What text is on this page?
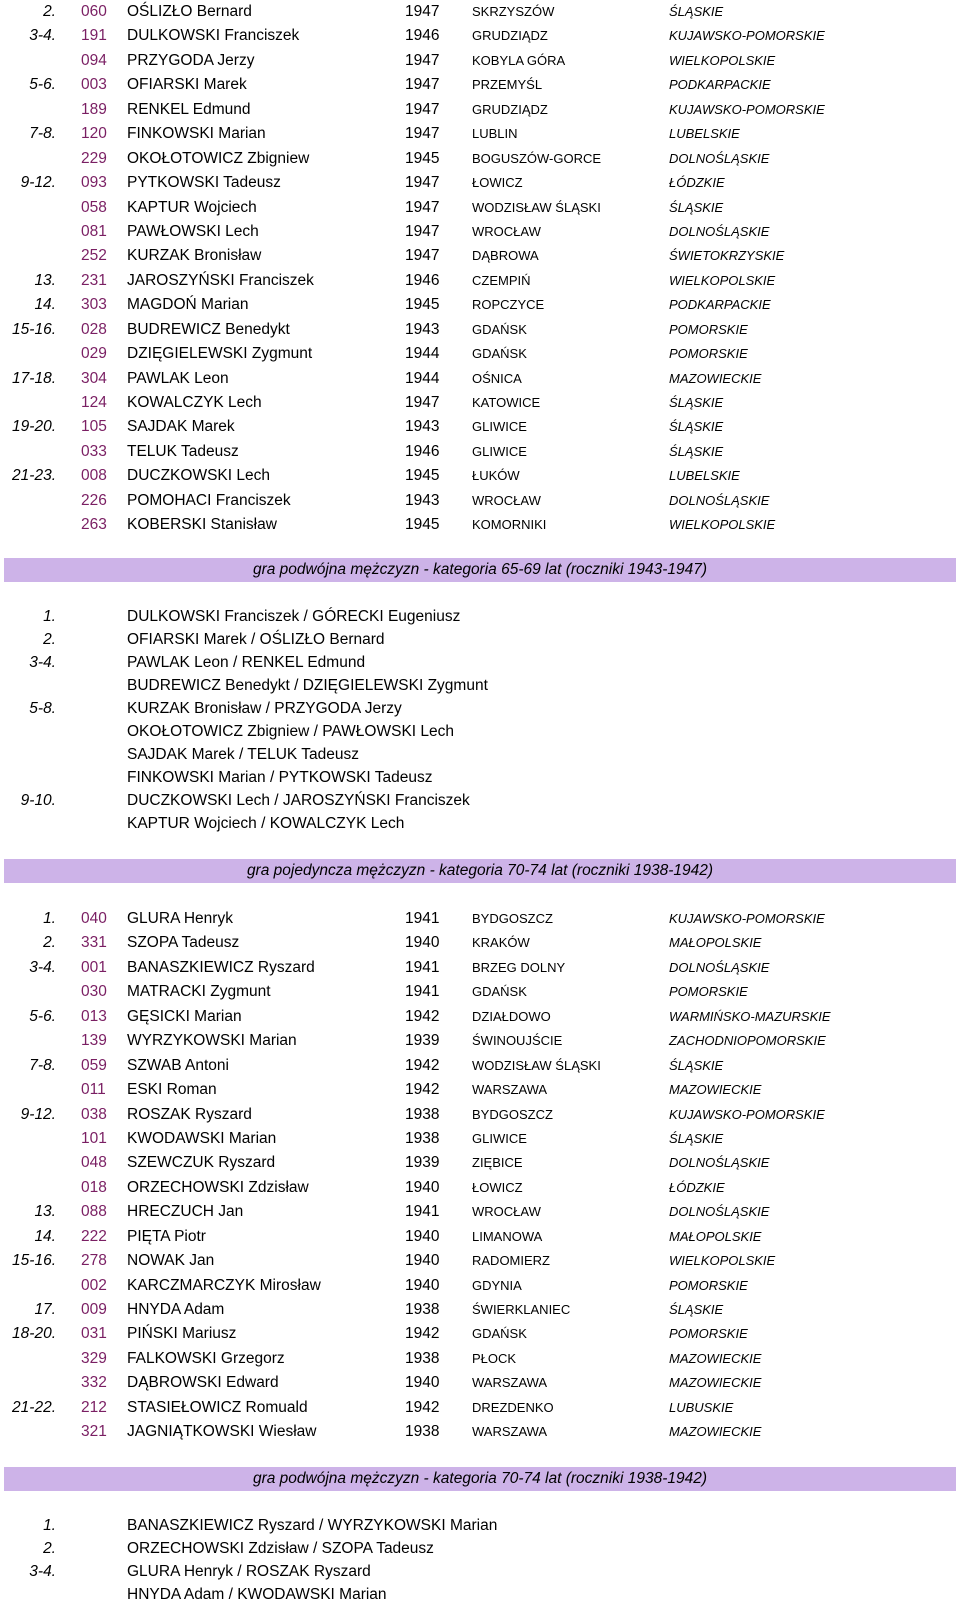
2. 060 OŚLIZŁO Bernard	1947	SKRZYSZÓW	ŚLĄSKIE
3-4. 191 DULKOWSKI Franciszek	1946	GRUDZIĄDZ	KUJAWSKO-POMORSKIE
094 PRZYGODA Jerzy	1947	KOBYLA GÓRA	WIELKOPOLSKIE
5-6. 003 OFIARSKI Marek	1947	PRZEMYŚL	PODKARPACKIE
189 RENKEL Edmund	1947	GRUDZIĄDZ	KUJAWSKO-POMORSKIE
7-8. 120 FINKOWSKI Marian	1947	LUBLIN	LUBELSKIE
229 OKOŁOTOWICZ Zbigniew	1945	BOGUSZÓW-GORCE	DOLNOŚLĄSKIE
9-12. 093 PYTKOWSKI Tadeusz	1947	ŁOWICZ	ŁÓDZKIE
058 KAPTUR Wojciech	1947	WODZISŁAW ŚLĄSKI	ŚLĄSKIE
081 PAWŁOWSKI Lech	1947	WROCŁAW	DOLNOŚLĄSKIE
252 KURZAK Bronisław	1947	DĄBROWA	ŚWIETOKRZYSKIE
13. 231 JAROSZYŃSKI Franciszek	1946	CZEMPIŃ	WIELKOPOLSKIE
14. 303 MAGDOŃ Marian	1945	ROPCZYCE	PODKARPACKIE
15-16. 028 BUDREWICZ Benedykt	1943	GDAŃSK	POMORSKIE
029 DZIĘGIELEWSKI Zygmunt	1944	GDAŃSK	POMORSKIE
17-18. 304 PAWLAK Leon	1944	OŚNICA	MAZOWIECKIE
124 KOWALCZYK Lech	1947	KATOWICE	ŚLĄSKIE
19-20. 105 SAJDAK Marek	1943	GLIWICE	ŚLĄSKIE
033 TELUK Tadeusz	1946	GLIWICE	ŚLĄSKIE
21-23. 008 DUCZKOWSKI Lech	1945	ŁUKÓW	LUBELSKIE
226 POMOHACI Franciszek	1943	WROCŁAW	DOLNOŚLĄSKIE
263 KOBERSKI Stanisław	1945	KOMORNIKI	WIELKOPOLSKIE
gra podwójna mężczyzn - kategoria 65-69 lat (roczniki 1943-1947)
1.	DULKOWSKI Franciszek / GÓRECKI Eugeniusz
2.	OFIARSKI Marek / OŚLIZŁO Bernard
3-4.	PAWLAK Leon / RENKEL Edmund
BUDREWICZ Benedykt / DZIĘGIELEWSKI Zygmunt
5-8.	KURZAK Bronisław / PRZYGODA Jerzy
OKOŁOTOWICZ Zbigniew / PAWŁOWSKI Lech
SAJDAK Marek / TELUK Tadeusz
FINKOWSKI Marian / PYTKOWSKI Tadeusz
9-10.	DUCZKOWSKI Lech / JAROSZYŃSKI Franciszek
KAPTUR Wojciech / KOWALCZYK Lech
gra pojedyncza mężczyzn - kategoria 70-74 lat (roczniki 1938-1942)
1. 040 GLURA Henryk	1941	BYDGOSZCZ	KUJAWSKO-POMORSKIE
2. 331 SZOPA Tadeusz	1940	KRAKÓW	MAŁOPOLSKIE
3-4. 001 BANASZKIEWICZ Ryszard	1941	BRZEG DOLNY	DOLNOŚLĄSKIE
030 MATRACKI Zygmunt	1941	GDAŃSK	POMORSKIE
5-6. 013 GĘSICKI Marian	1942	DZIAŁDOWO	WARMIŃSKO-MAZURSKIE
139 WYRZYKOWSKI Marian	1939	ŚWINOUJŚCIE	ZACHODNIOPOMORSKIE
7-8. 059 SZWAB Antoni	1942	WODZISŁAW ŚLĄSKI	ŚLĄSKIE
011 ESKI Roman	1942	WARSZAWA	MAZOWIECKIE
9-12. 038 ROSZAK Ryszard	1938	BYDGOSZCZ	KUJAWSKO-POMORSKIE
101 KWODAWSKI Marian	1938	GLIWICE	ŚLĄSKIE
048 SZEWCZUK Ryszard	1939	ZIĘBICE	DOLNOŚLĄSKIE
018 ORZECHOWSKI Zdzisław	1940	ŁOWICZ	ŁÓDZKIE
13. 088 HRECZUCH Jan	1941	WROCŁAW	DOLNOŚLĄSKIE
14. 222 PIĘTA Piotr	1940	LIMANOWA	MAŁOPOLSKIE
15-16. 278 NOWAK Jan	1940	RADOMIERZ	WIELKOPOLSKIE
002 KARCZMARCZYK Mirosław	1940	GDYNIA	POMORSKIE
17. 009 HNYDA Adam	1938	ŚWIERKLANIEC	ŚLĄSKIE
18-20. 031 PIŃSKI Mariusz	1942	GDAŃSK	POMORSKIE
329 FALKOWSKI Grzegorz	1938	PŁOCK	MAZOWIECKIE
332 DĄBROWSKI Edward	1940	WARSZAWA	MAZOWIECKIE
21-22. 212 STASIEŁOWICZ Romuald	1942	DREZDENKO	LUBUSKIE
321 JAGNIĄTKOWSKI Wiesław	1938	WARSZAWA	MAZOWIECKIE
gra podwójna mężczyzn - kategoria 70-74 lat (roczniki 1938-1942)
1.	BANASZKIEWICZ Ryszard / WYRZYKOWSKI Marian
2.	ORZECHOWSKI Zdzisław / SZOPA Tadeusz
3-4.	GLURA Henryk / ROSZAK Ryszard
HNYDA Adam / KWODAWSKI Marian
